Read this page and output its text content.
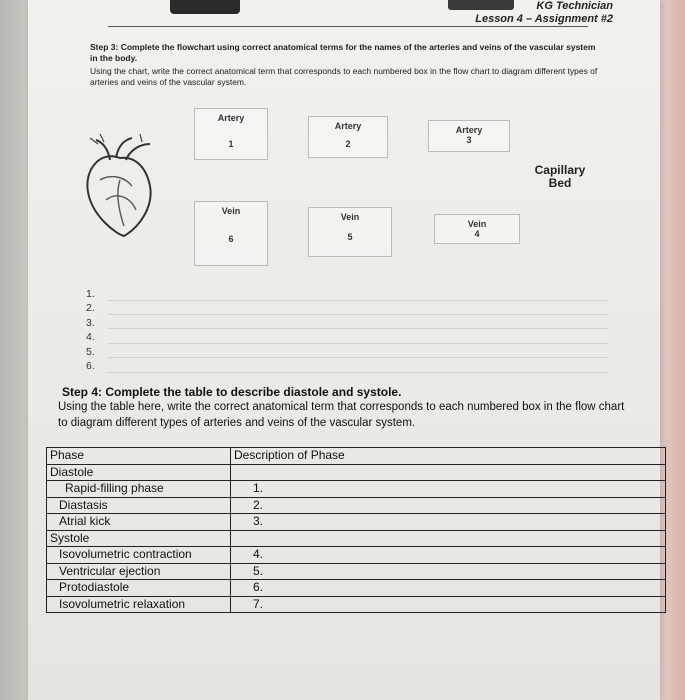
KG Technician
Lesson 4 – Assignment #2
Step 3: Complete the flowchart using correct anatomical terms for the names of the arteries and veins of the vascular system in the body.
Using the chart, write the correct anatomical term that corresponds to each numbered box in the flow chart to diagram different types of arteries and veins of the vascular system.
Artery
1
Artery
2
Artery
3
Vein
6
Vein
5
Vein
4
Capillary Bed
1.
2.
3.
4.
5.
6.
Step 4: Complete the table to describe diastole and systole.
Using the table here, write the correct anatomical term that corresponds to each numbered box in the flow chart to diagram different types of arteries and veins of the vascular system.
Phase	Description of Phase
Diastole	
Rapid-filling phase	1.
Diastasis	2.
Atrial kick	3.
Systole	
Isovolumetric contraction	4.
Ventricular ejection	5.
Protodiastole	6.
Isovolumetric relaxation	7.
